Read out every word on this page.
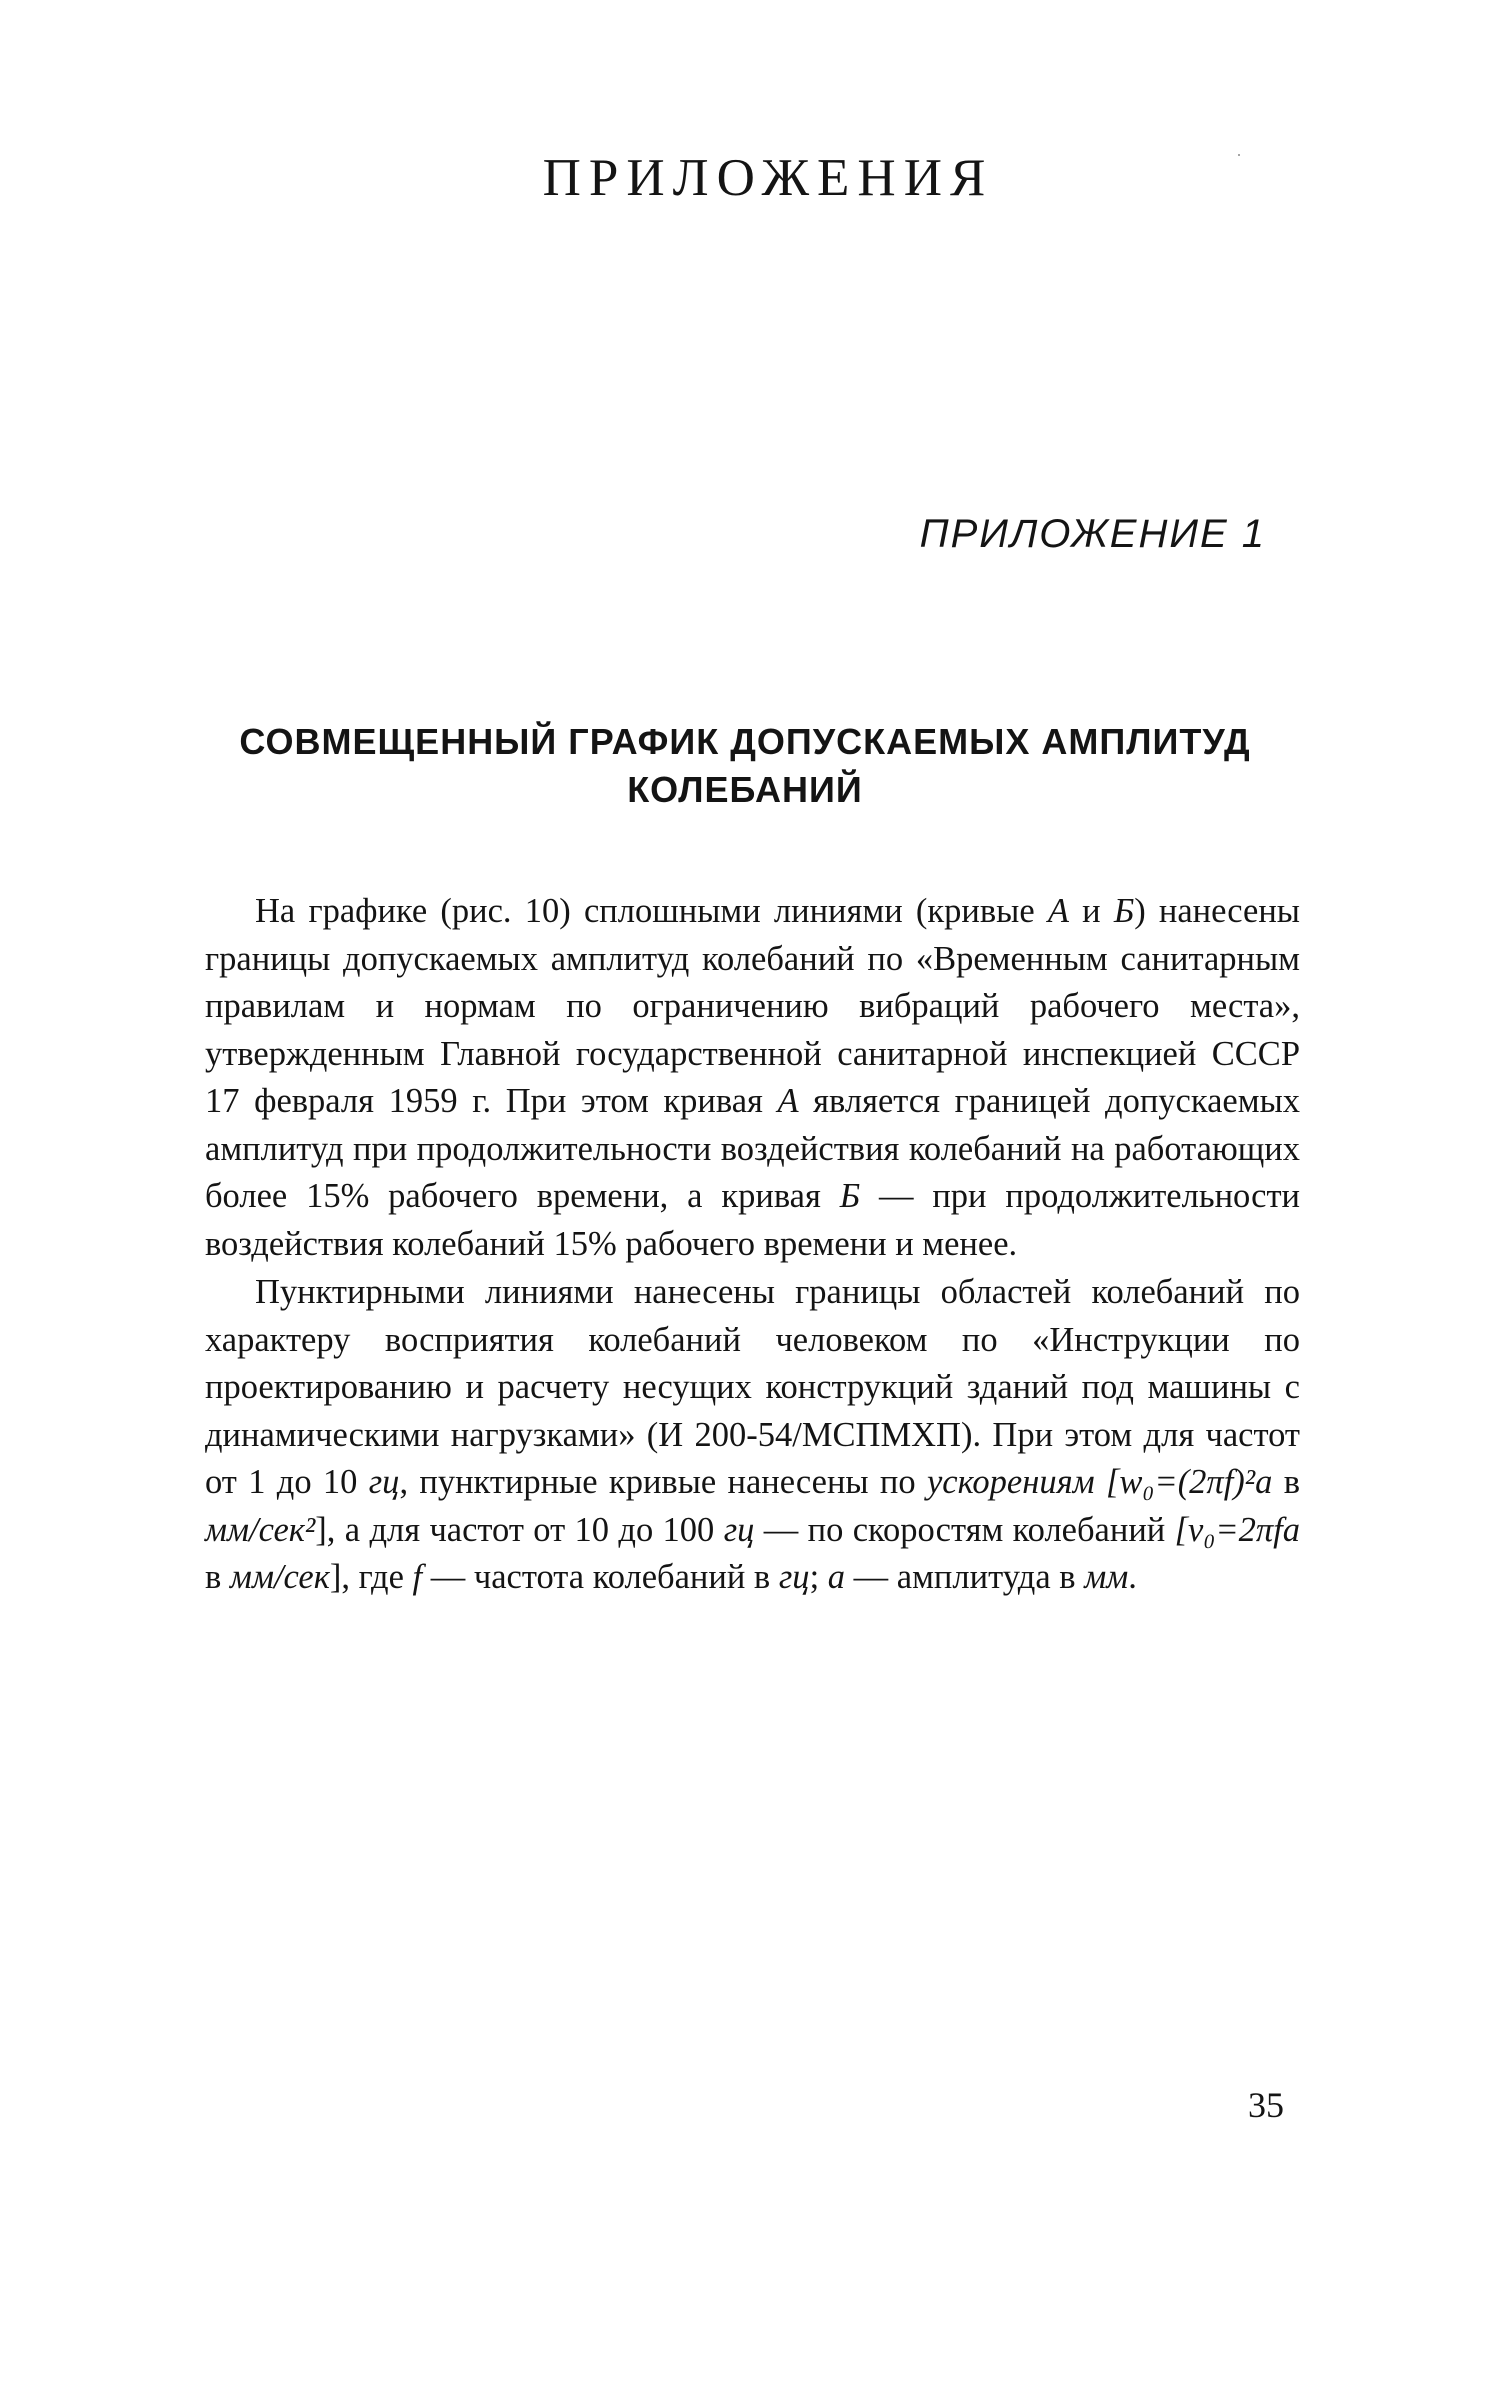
ПРИЛОЖЕНИЯ
ПРИЛОЖЕНИЕ 1
СОВМЕЩЕННЫЙ ГРАФИК ДОПУСКАЕМЫХ АМПЛИТУД
КОЛЕБАНИЙ

На графике (рис. 10) сплошными линиями (кривые А и Б) нанесены границы допускаемых амплитуд колебаний по «Временным санитарным правилам и нормам по ограничению вибраций рабочего места», утвержденным Главной государственной санитарной инспекцией СССР 17 февраля 1959 г. При этом кривая А является границей допускаемых амплитуд при продолжительности воздействия колебаний на работающих более 15% рабочего времени, а кривая Б — при продолжительности воздействия колебаний 15% рабочего времени и менее.

Пунктирными линиями нанесены границы областей колебаний по характеру восприятия колебаний человеком по «Инструкции по проектированию и расчету несущих конструкций зданий под машины с динамическими нагрузками» (И 200-54/МСПМХП). При этом для частот от 1 до 10 гц, пунктирные кривые нанесены по ускорениям [w₀=(2πf)²a в мм/сек²], а для частот от 10 до 100 гц — по скоростям колебаний [v₀=2πfa в мм/сек], где f — частота колебаний в гц; a — амплитуда в мм.

35
